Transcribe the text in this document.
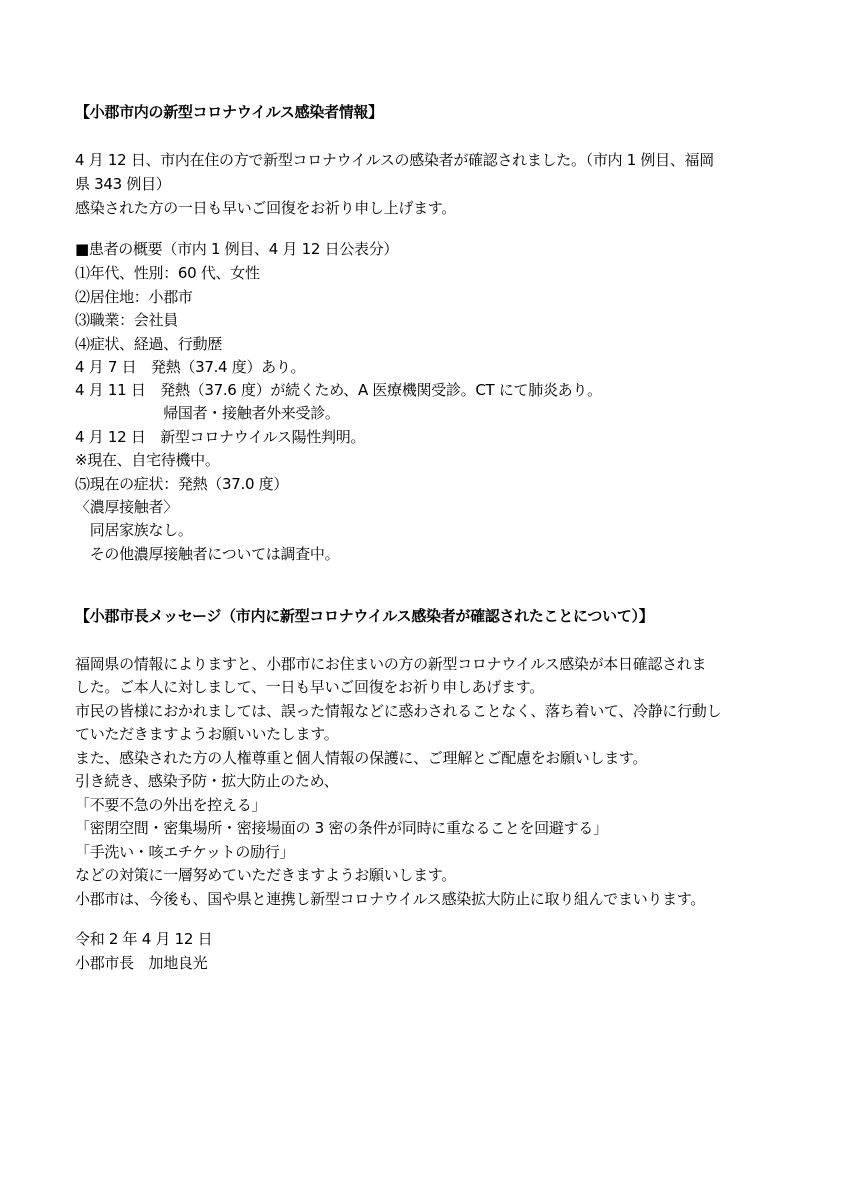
【小郡市内の新型コロナウイルス感染者情報】

4 月 12 日、市内在住の方で新型コロナウイルスの感染者が確認されました。（市内 1 例目、福岡

県 343 例目）

感染された方の一日も早いご回復をお祈り申し上げます。

■患者の概要（市内 1 例目、4 月 12 日公表分）

⑴年代、性別：60 代、女性

⑵居住地：小郡市

⑶職業：会社員

⑷症状、経過、行動歴

4 月 7 日　発熱（37.4 度）あり。

4 月 11 日　発熱（37.6 度）が続くため、A 医療機関受診。CT にて肺炎あり。

　　　　　　帰国者・接触者外来受診。

4 月 12 日　新型コロナウイルス陽性判明。

※現在、自宅待機中。

⑸現在の症状：発熱（37.0 度）

〈濃厚接触者〉

　同居家族なし。

　その他濃厚接触者については調査中。

【小郡市長メッセージ（市内に新型コロナウイルス感染者が確認されたことについて）】

福岡県の情報によりますと、小郡市にお住まいの方の新型コロナウイルス感染が本日確認されま

した。ご本人に対しまして、一日も早いご回復をお祈り申しあげます。

市民の皆様におかれましては、誤った情報などに惑わされることなく、落ち着いて、冷静に行動し

ていただきますようお願いいたします。

また、感染された方の人権尊重と個人情報の保護に、ご理解とご配慮をお願いします。

引き続き、感染予防・拡大防止のため、

「不要不急の外出を控える」

「密閉空間・密集場所・密接場面の 3 密の条件が同時に重なることを回避する」

「手洗い・咳エチケットの励行」

などの対策に一層努めていただきますようお願いします。

小郡市は、今後も、国や県と連携し新型コロナウイルス感染拡大防止に取り組んでまいります。

令和 2 年 4 月 12 日

小郡市長　加地良光
